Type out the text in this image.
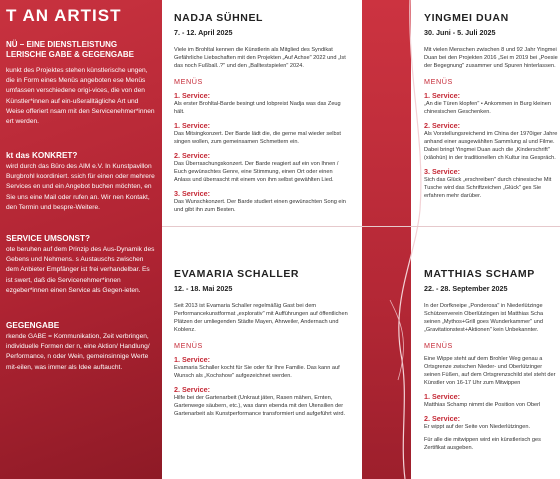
T AN ARTIST
NÜ – EINE DIENSTLEISTUNG
LERISCHE GABE & GEGENGABE
kunkt des Projektes stehen künstlerische ungen, die in Form eines Menüs angeboten ese Menüs umfassen verschiedene origi-vices, die von den Künstler*innen auf ein-ußeralltägliche Art und Weise offeriert nsam mit den Servicenehmer*innen ert werden.
kt das KONKRET?
wird durch das Büro des AIM e.V. In Kunstpavillon Burgbrohl koordiniert. ssich für einen oder mehrere Services en und ein Angebot buchen möchten, en Sie uns eine Mail oder rufen an. Wir nen Kontakt, den Termin und bespre-Weitere.
SERVICE UMSONST?
ote beruhen auf dem Prinzip des Aus-Dynamik des Gebens und Nehmens. s Austauschs zwischen dem Anbieter Empfänger ist frei verhandelbar. Es ist swert, daß die Servicenehmer*innen ezgeber*innen einen Service als Gegen-ieten.
GEGENGABE
rkende GABE = Kommunikation, Zeit verbringen, individuelle Formen der n, eine Aktion/ Handlung/ Performance, n oder Wein, gemeinsinnige Werte mit-eilen, was immer als Idee auftaucht.
NADJA SÜHNEL
7. - 12. April 2025
Viele im Brohltal kennen die Künstlerin als Mitglied des Syndikat Gefährliche Liebschaften mit den Projekten „Auf Achse" 2022 und „Ist das noch Fußball..?" und den „Balltestspielen" 2024.
MENÜS
1. Service:
Als erster Brohltal-Barde besingt und lobpreist Nadja was das Zeug hält.
1. Service:
Das Mitsingkonzert. Der Barde lädt die, die gerne mal wieder selbst singen wollen, zum gemeinsamen Schmettern ein.
2. Service:
Das Überraschungskonzert. Der Barde reagiert auf ein von Ihnen / Euch gewünschtes Genre, eine Stimmung, einen Ort oder einen Anlass und überrascht mit einem von ihm selbst gewählten Lied.
3. Service:
Das Wunschkonzert. Der Barde studiert einen gewünschten Song ein und gibt ihn zum Besten.
EVAMARIA SCHALLER
12. - 18. Mai 2025
Seit 2013 ist Evamaria Schaller regelmäßig Gast bei dem Performancekunstformat „explorativ" mit Aufführungen auf öffentlichen Plätzen der umliegenden Städte Mayen, Ahrweiler, Andernach und Koblenz.
MENÜS
1. Service:
Evamaria Schaller kocht für Sie oder für Ihre Familie. Das kann auf Wunsch als „Kochshow" aufgezeichnet werden.
2. Service:
Hilfe bei der Gartenarbeit (Unkraut jäten, Rasen mähen, Ernten, Gartenwege säubern, etc.), was dann ebenda mit den Utensilien der Gartenarbeit als Kunstperformance transformiert und aufgeführt wird.
YINGMEI DUAN
30. Juni - 5. Juli 2025
Mit vielen Menschen zwischen 8 und 92 Jahr Yingmei Duan bei den Projekten 2016 „Sei m 2019 bei „Poesie der Begegnung" zusammer und Spuren hinterlassen.
MENÜS
1. Service:
„An die Türen klopfen" • Ankommen in Burg kleinen chinesischen Geschenken.
2. Service:
Als Vorstellungsreichend im China der 1970iger Jahre anhand einer ausgewählten Sammlung al und Filme. Dabei bringt Yingmei Duan auch die „Kinderschrift" (xiǎohún) in der traditionellen ch Kultur ins Gespräch.
3. Service:
Sich das Glück „erschreiben" durch chinesische Mit Tusche wird das Schriftzeichen „Glück" ges Sie erfahren mehr darüber.
MATTHIAS SCHAMP
22. - 28. September 2025
In der Dorfkneipe „Ponderosa" in Niederlützinge Schützenverein Oberlützingen ist Matthias Scha seinen „Mythos+Grill goes Wunderkammer" und „Gravitationstest+Aktionen" kein Unbekannter.
MENÜS
Eine Wippe steht auf dem Brohler Weg genau a Ortsgrenze zwischen Nieder- und Oberlützinger seinen Füßen, auf dem Ortsgrenzschild stel steht der Künstler von 16-17 Uhr zum Mitwippen
1. Service:
Matthias Schamp nimmt die Position von Oberl
2. Service:
Er wippt auf der Seite von Niederlützingen.
Für alle die mitwippen wird ein künstlerisch ges Zertifikat ausgeben.
